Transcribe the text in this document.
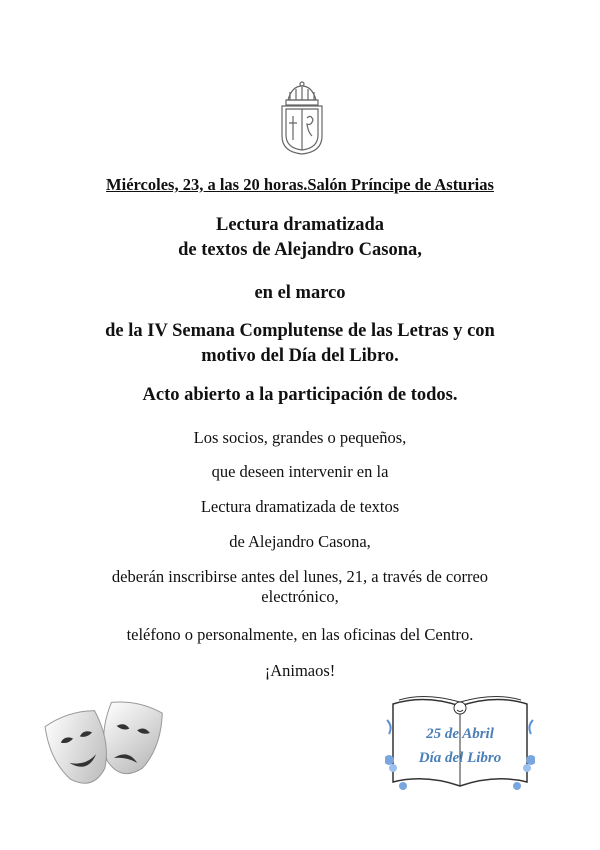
Miércoles, 23, a las 20 horas.Salón Príncipe de Asturias
Lectura dramatizada
de textos de Alejandro Casona,
en el marco
de la IV Semana Complutense de las Letras y con
motivo del Día del Libro.
Acto abierto a la participación de todos.
Los socios, grandes o pequeños,
que deseen intervenir en la
Lectura dramatizada de textos
de Alejandro Casona,
deberán inscribirse antes del lunes, 21, a través de correo
electrónico,
teléfono o personalmente, en las oficinas del Centro.
¡Animaos!
25 de Abril
Día del Libro
